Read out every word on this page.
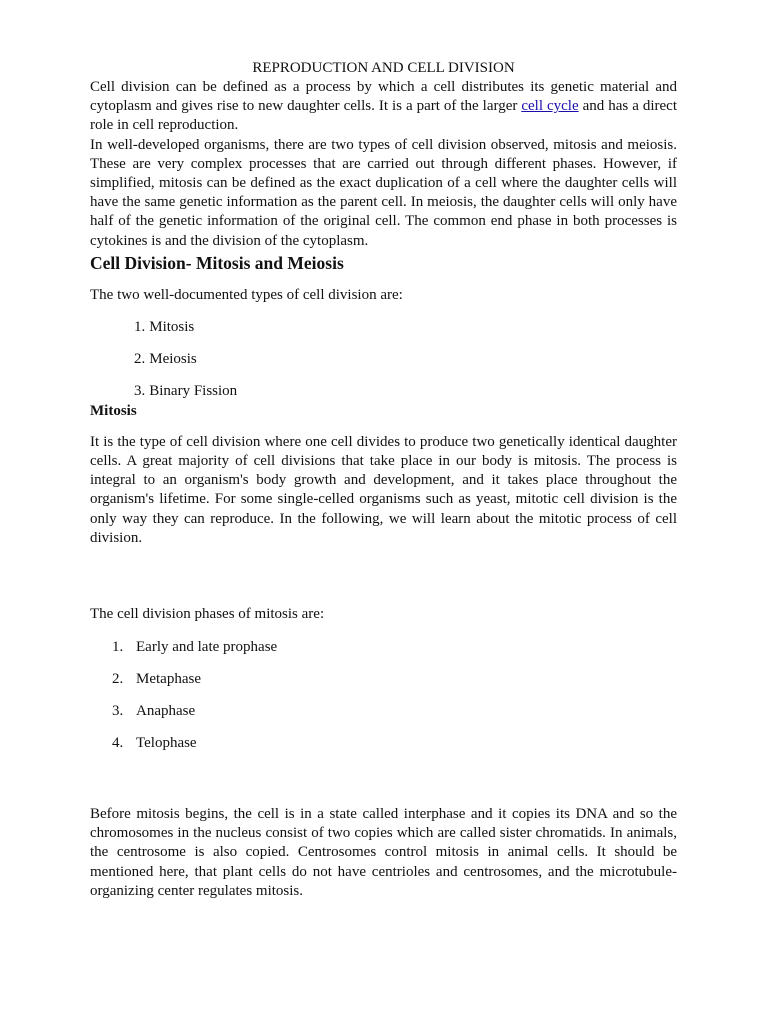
REPRODUCTION AND CELL DIVISION

Cell division can be defined as a process by which a cell distributes its genetic material and cytoplasm and gives rise to new daughter cells. It is a part of the larger cell cycle and has a direct role in cell reproduction.

In well-developed organisms, there are two types of cell division observed, mitosis and meiosis. These are very complex processes that are carried out through different phases. However, if simplified, mitosis can be defined as the exact duplication of a cell where the daughter cells will have the same genetic information as the parent cell. In meiosis, the daughter cells will only have half of the genetic information of the original cell. The common end phase in both processes is cytokines is and the division of the cytoplasm.

Cell Division- Mitosis and Meiosis

The two well-documented types of cell division are:

1. Mitosis
2. Meiosis
3. Binary Fission

Mitosis

It is the type of cell division where one cell divides to produce two genetically identical daughter cells. A great majority of cell divisions that take place in our body is mitosis. The process is integral to an organism's body growth and development, and it takes place throughout the organism's lifetime. For some single-celled organisms such as yeast, mitotic cell division is the only way they can reproduce. In the following, we will learn about the mitotic process of cell division.

The cell division phases of mitosis are:

1. Early and late prophase
2. Metaphase
3. Anaphase
4. Telophase

Before mitosis begins, the cell is in a state called interphase and it copies its DNA and so the chromosomes in the nucleus consist of two copies which are called sister chromatids. In animals, the centrosome is also copied. Centrosomes control mitosis in animal cells. It should be mentioned here, that plant cells do not have centrioles and centrosomes, and the microtubule-organizing center regulates mitosis.
